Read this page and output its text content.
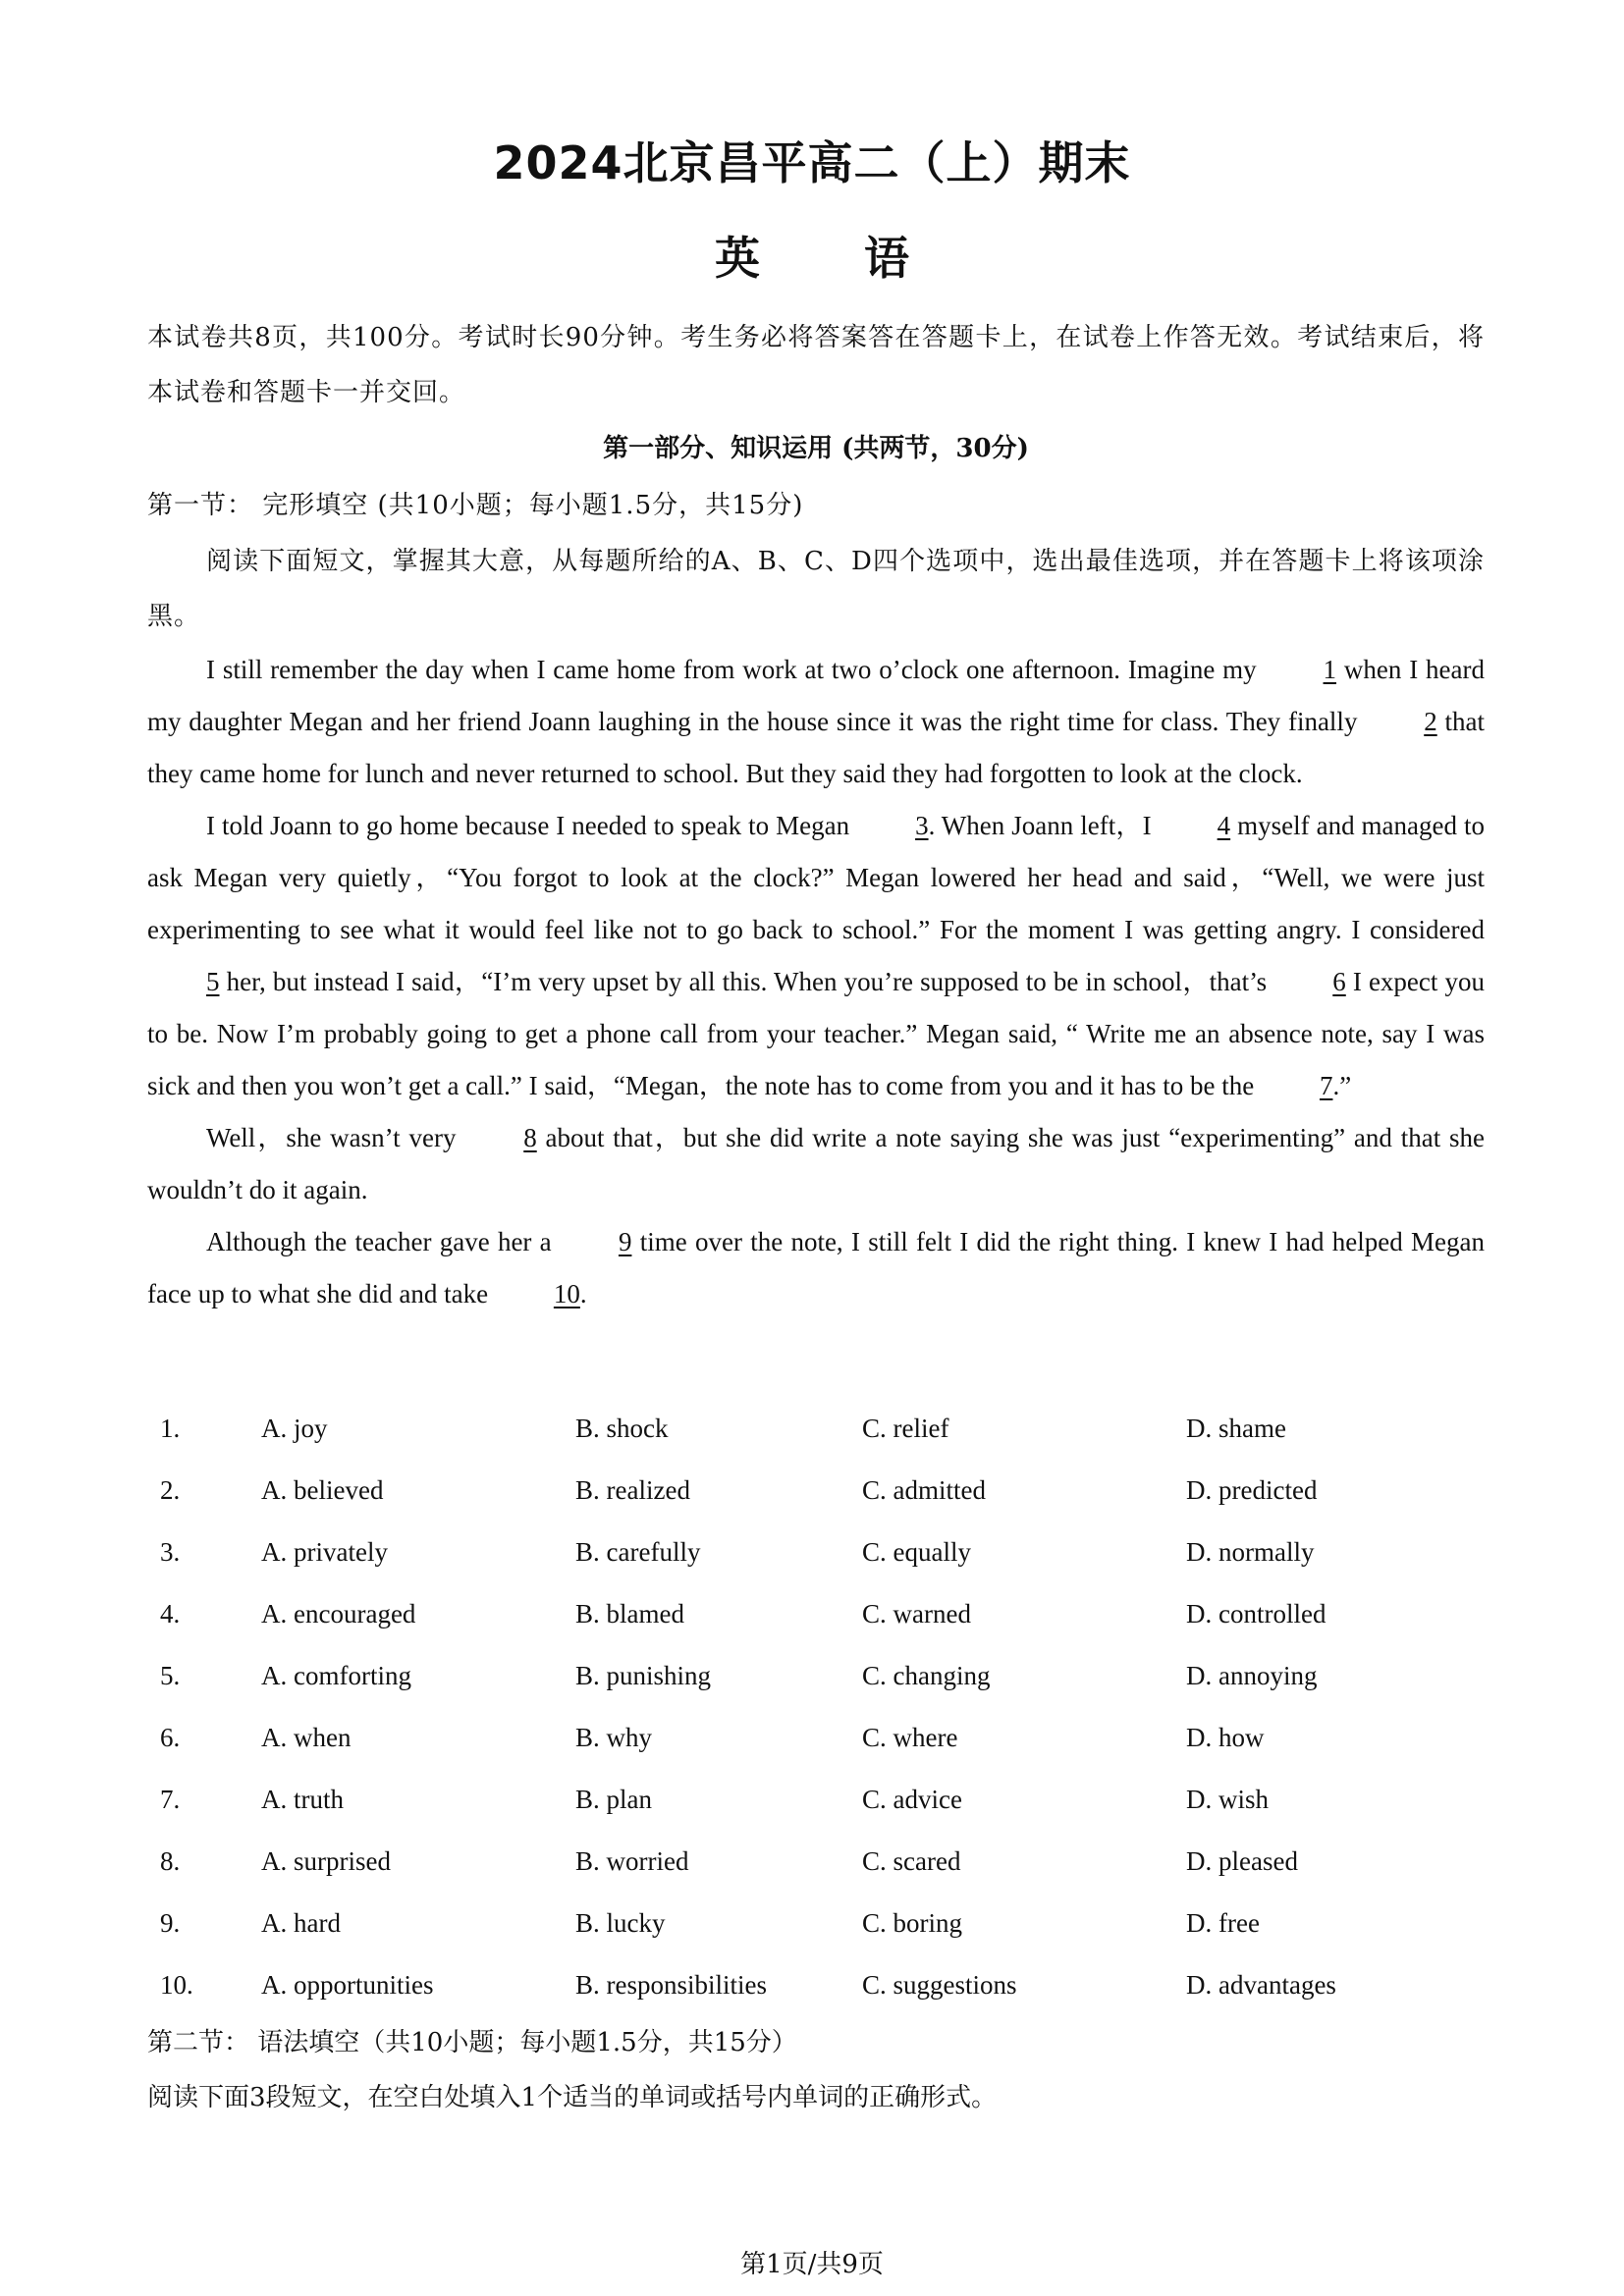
2024北京昌平高二（上）期末
英 语

本试卷共8页，共100分。考试时长90分钟。考生务必将答案答在答题卡上，在试卷上作答无效。考试结束后，将本试卷和答题卡一并交回。

第一部分、知识运用 (共两节，30分)

第一节： 完形填空 (共10小题；每小题1.5分，共15分)

阅读下面短文，掌握其大意，从每题所给的A、B、C、D四个选项中，选出最佳选项，并在答题卡上将该项涂黑。

I still remember the day when I came home from work at two o’clock one afternoon. Imagine my 1 when I heard my daughter Megan and her friend Joann laughing in the house since it was the right time for class. They finally 2 that they came home for lunch and never returned to school. But they said they had forgotten to look at the clock.

I told Joann to go home because I needed to speak to Megan 3. When Joann left，I 4 myself and managed to ask Megan very quietly，“You forgot to look at the clock?” Megan lowered her head and said，“Well, we were just experimenting to see what it would feel like not to go back to school.” For the moment I was getting angry. I considered 5 her, but instead I said，“I’m very upset by all this. When you’re supposed to be in school，that’s 6 I expect you to be. Now I’m probably going to get a phone call from your teacher.” Megan said, “ Write me an absence note, say I was sick and then you won’t get a call.” I said，“Megan，the note has to come from you and it has to be the 7.”

Well，she wasn’t very 8 about that，but she did write a note saying she was just “experimenting” and that she wouldn’t do it again.

Although the teacher gave her a 9 time over the note, I still felt I did the right thing. I knew I had helped Megan face up to what she did and take 10.

1.	A. joy	B. shock	C. relief	D. shame
2.	A. believed	B. realized	C. admitted	D. predicted
3.	A. privately	B. carefully	C. equally	D. normally
4.	A. encouraged	B. blamed	C. warned	D. controlled
5.	A. comforting	B. punishing	C. changing	D. annoying
6.	A. when	B. why	C. where	D. how
7.	A. truth	B. plan	C. advice	D. wish
8.	A. surprised	B. worried	C. scared	D. pleased
9.	A. hard	B. lucky	C. boring	D. free
10.	A. opportunities	B. responsibilities	C. suggestions	D. advantages

第二节： 语法填空（共10小题；每小题1.5分，共15分）

阅读下面3段短文，在空白处填入1个适当的单词或括号内单词的正确形式。

第1页/共9页
